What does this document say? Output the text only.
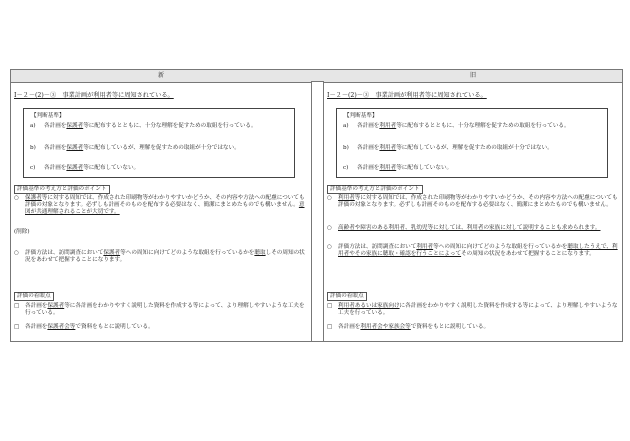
新	旧
Ⅰ－２－(2)－③　事業計画が利用者等に周知されている。
【判断基準】
a) 各計画を保護者等に配布するとともに、十分な理解を促すための取組を行っている。
b) 各計画を保護者等に配布しているが、理解を促すための取組が十分ではない。
c) 各計画を保護者等に配布していない。
評価基準の考え方と評価のポイント
○ 保護者等に対する周知では、作成された印刷物等がわかりやすいかどうか、その内容や方法への配慮についても評価の対象となります。必ずしも計画そのものを配布する必要はなく、簡潔にまとめたものでも構いません。意図が共通理解されることが大切です。
(削除)
○ 評価方法は、訪問調査において保護者等への周知に向けてどのような取組を行っているかを聴取しその周知の状況をあわせて把握することになります。
評価の着眼点
□ 各計画を保護者等に各計画をわかりやすく説明した資料を作成する等によって、より理解しやすいような工夫を行っている。
□ 各計画を保護者会等で資料をもとに説明している。
Ⅰ－２－(2)－③　事業計画が利用者等に周知されている。
【判断基準】
a) 各計画を利用者等に配布するとともに、十分な理解を促すための取組を行っている。
b) 各計画を利用者等に配布しているが、理解を促すための取組が十分ではない。
c) 各計画を利用者等に配布していない。
評価基準の考え方と評価のポイント
○ 利用者等に対する周知では、作成された印刷物等がわかりやすいかどうか、その内容や方法への配慮についても評価の対象となります。必ずしも計画そのものを配布する必要はなく、簡潔にまとめたものでも構いません。
○ 高齢者や障害のある利用者、乳幼児等に対しては、利用者の家族に対して説明することも求められます。
○ 評価方法は、訪問調査において利用者等への周知に向けてどのような取組を行っているかを聴取したうえで、利用者やその家族に聴取・確認を行うことによってその周知の状況をあわせて把握することになります。
評価の着眼点
□ 利用者あるいは家族向けに各計画をわかりやすく説明した資料を作成する等によって、より理解しやすいような工夫を行っている。
□ 各計画を利用者会や家族会等で資料をもとに説明している。
